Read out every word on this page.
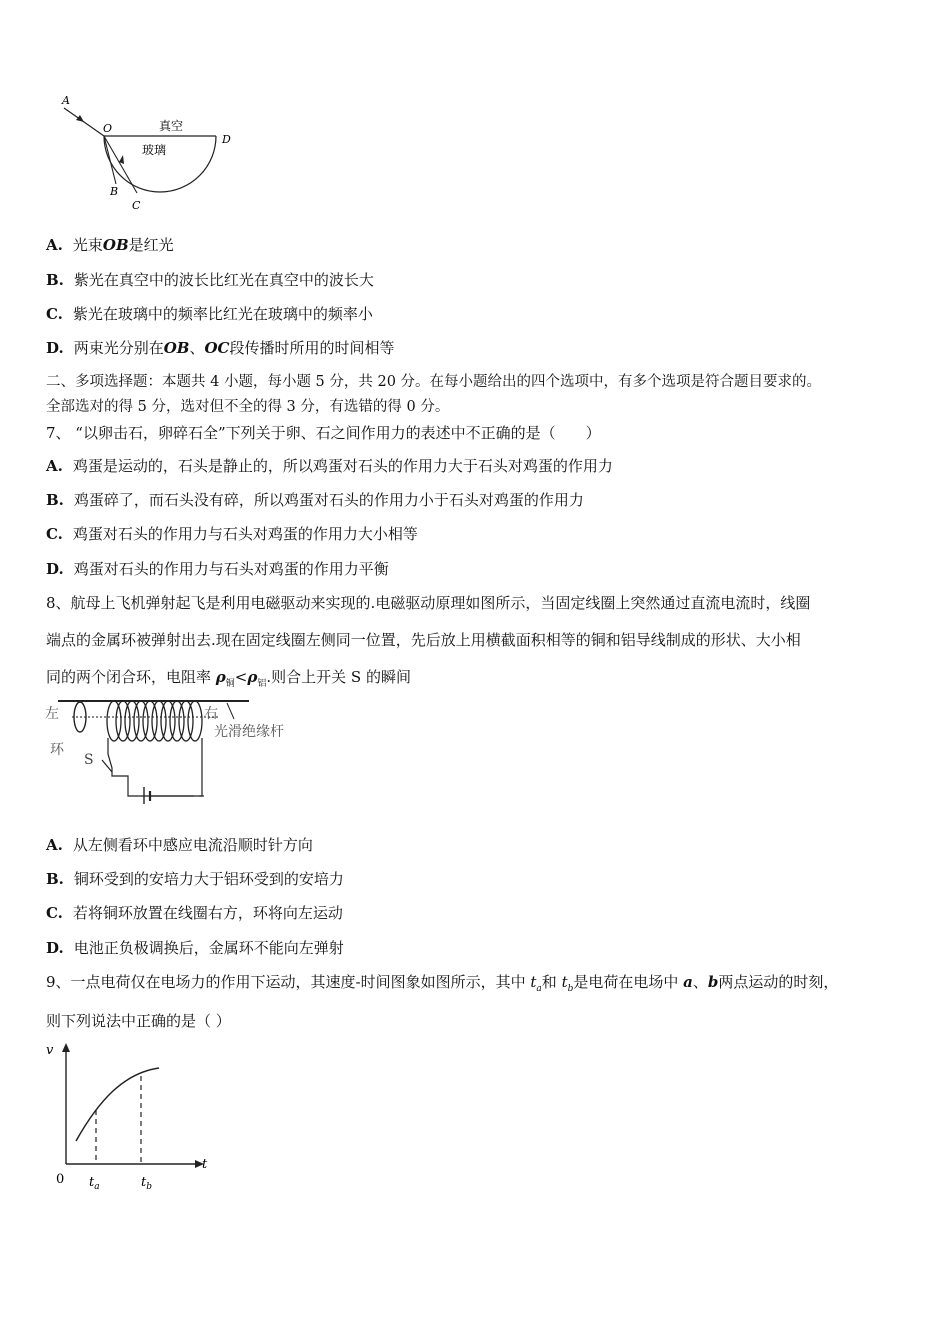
A
O	真空
D
玻璃
B
C
A. 光束OB是红光
B. 紫光在真空中的波长比红光在真空中的波长大
C. 紫光在玻璃中的频率比红光在玻璃中的频率小
D. 两束光分别在OB、OC段传播时所用的时间相等
二、多项选择题：本题共 4 小题，每小题 5 分，共 20 分。在每小题给出的四个选项中，有多个选项是符合题目要求的。
全部选对的得 5 分，选对但不全的得 3 分，有选错的得 0 分。
7、 “以卵击石，卵碎石全”下列关于卵、石之间作用力的表述中不正确的是（　　）
A. 鸡蛋是运动的，石头是静止的，所以鸡蛋对石头的作用力大于石头对鸡蛋的作用力
B. 鸡蛋碎了，而石头没有碎，所以鸡蛋对石头的作用力小于石头对鸡蛋的作用力
C. 鸡蛋对石头的作用力与石头对鸡蛋的作用力大小相等
D. 鸡蛋对石头的作用力与石头对鸡蛋的作用力平衡
8、航母上飞机弹射起飞是利用电磁驱动来实现的.电磁驱动原理如图所示，当固定线圈上突然通过直流电流时，线圈
端点的金属环被弹射出去.现在固定线圈左侧同一位置，先后放上用横截面积相等的铜和铝导线制成的形状、大小相
同的两个闭合环，电阻率 $\rho_铜<\rho_铝$.则合上开关 S 的瞬间
左	右
光滑绝缘杆
环
S
A. 从左侧看环中感应电流沿顺时针方向
B. 铜环受到的安培力大于铝环受到的安培力
C. 若将铜环放置在线圈右方，环将向左运动
D. 电池正负极调换后，金属环不能向左弹射
9、一点电荷仅在电场力的作用下运动，其速度-时间图象如图所示，其中 $t_a$和 $t_b$是电荷在电场中 a、b两点运动的时刻，
则下列说法中正确的是（ ）
v
t
0 $t_a$	$t_b$
